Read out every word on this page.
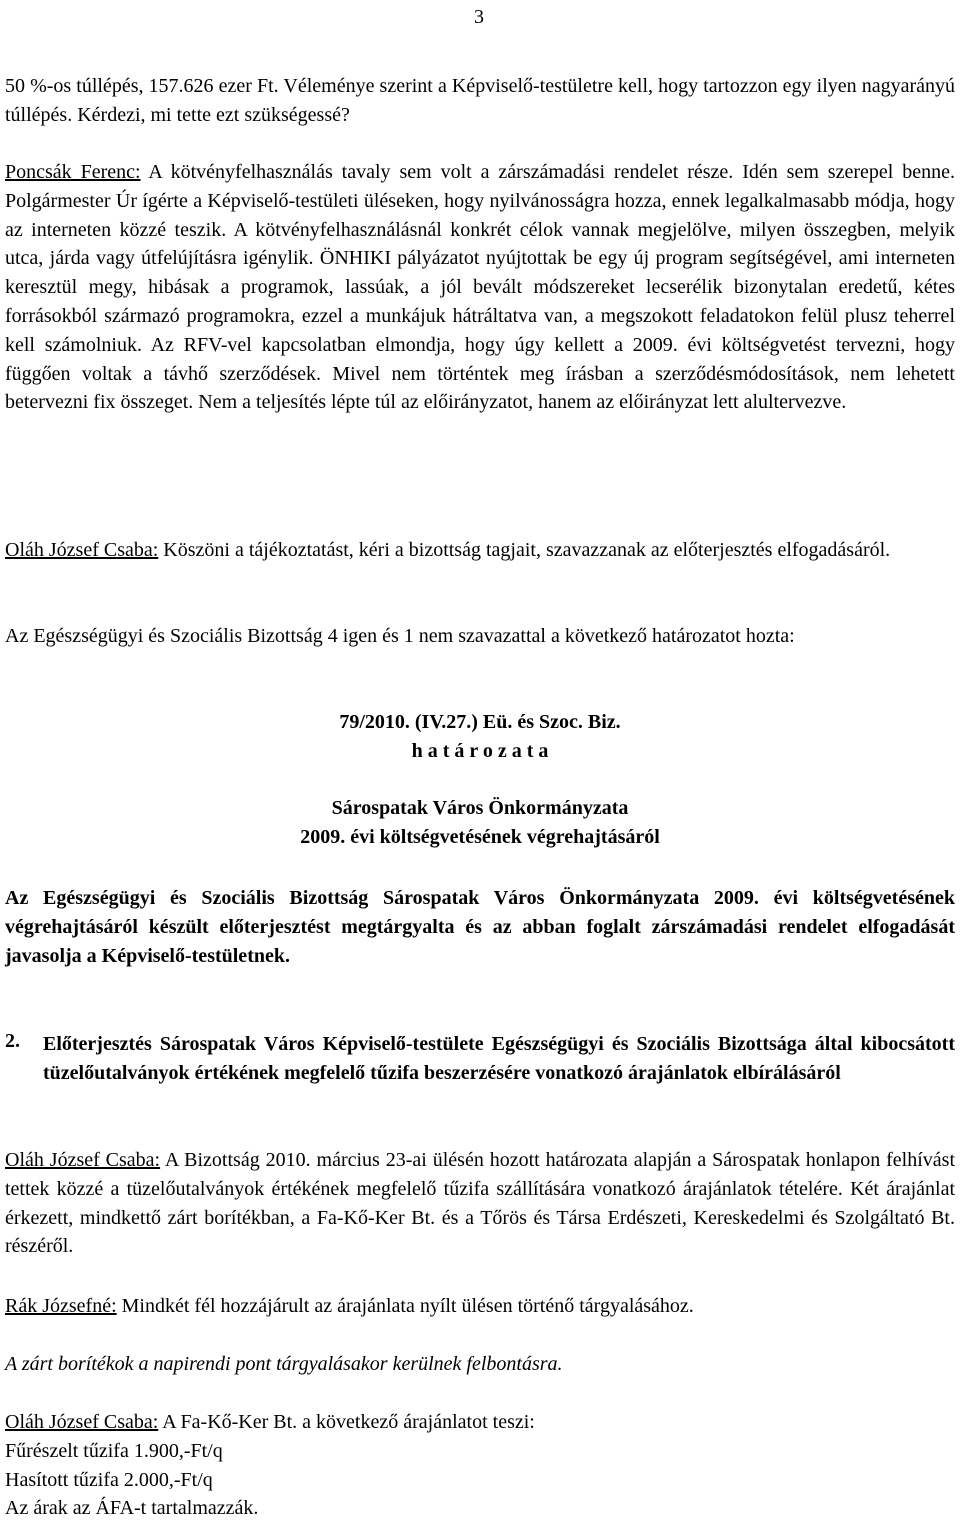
3

50 %-os túllépés, 157.626 ezer Ft. Véleménye szerint a Képviselő-testületre kell, hogy tartozzon egy ilyen nagyarányú túllépés. Kérdezi, mi tette ezt szükségessé?

Poncsák Ferenc: A kötvényfelhasználás tavaly sem volt a zárszámadási rendelet része. Idén sem szerepel benne. Polgármester Úr ígérte a Képviselő-testületi üléseken, hogy nyilvánosságra hozza, ennek legalkalmasabb módja, hogy az interneten közzé teszik. A kötvényfelhasználásnál konkrét célok vannak megjelölve, milyen összegben, melyik utca, járda vagy útfelújításra igénylik. ÖNHIKI pályázatot nyújtottak be egy új program segítségével, ami interneten keresztül megy, hibásak a programok, lassúak, a jól bevált módszereket lecserélik bizonytalan eredetű, kétes forrásokból származó programokra, ezzel a munkájuk hátráltatva van, a megszokott feladatokon felül plusz teherrel kell számolniuk. Az RFV-vel kapcsolatban elmondja, hogy úgy kellett a 2009. évi költségvetést tervezni, hogy függően voltak a távhő szerződések. Mivel nem történtek meg írásban a szerződésmódosítások, nem lehetett betervezni fix összeget. Nem a teljesítés lépte túl az előirányzatot, hanem az előirányzat lett alultervezve.

Oláh József Csaba: Köszöni a tájékoztatást, kéri a bizottság tagjait, szavazzanak az előterjesztés elfogadásáról.

Az Egészségügyi és Szociális Bizottság 4 igen és 1 nem szavazattal a következő határozatot hozta:

79/2010. (IV.27.) Eü. és Szoc. Biz.

h a t á r o z a t a

Sárospatak Város Önkormányzata

2009. évi költségvetésének végrehajtásáról

Az Egészségügyi és Szociális Bizottság Sárospatak Város Önkormányzata 2009. évi költségvetésének végrehajtásáról készült előterjesztést megtárgyalta és az abban foglalt zárszámadási rendelet elfogadását javasolja a Képviselő-testületnek.

2.	Előterjesztés Sárospatak Város Képviselő-testülete Egészségügyi és Szociális Bizottsága által kibocsátott tüzelőutalványok értékének megfelelő tűzifa beszerzésére vonatkozó árajánlatok elbírálásáról

Oláh József Csaba: A Bizottság 2010. március 23-ai ülésén hozott határozata alapján a Sárospatak honlapon felhívást tettek közzé a tüzelőutalványok értékének megfelelő tűzifa szállítására vonatkozó árajánlatok tételére. Két árajánlat érkezett, mindkettő zárt borítékban, a Fa-Kő-Ker Bt. és a Tőrös és Társa Erdészeti, Kereskedelmi és Szolgáltató Bt. részéről.

Rák Józsefné: Mindkét fél hozzájárult az árajánlata nyílt ülésen történő tárgyalásához.

A zárt borítékok a napirendi pont tárgyalásakor kerülnek felbontásra.

Oláh József Csaba: A Fa-Kő-Ker Bt. a következő árajánlatot teszi:

Fűrészelt tűzifa 1.900,-Ft/q

Hasított tűzifa 2.000,-Ft/q

Az árak az ÁFA-t tartalmazzák.
